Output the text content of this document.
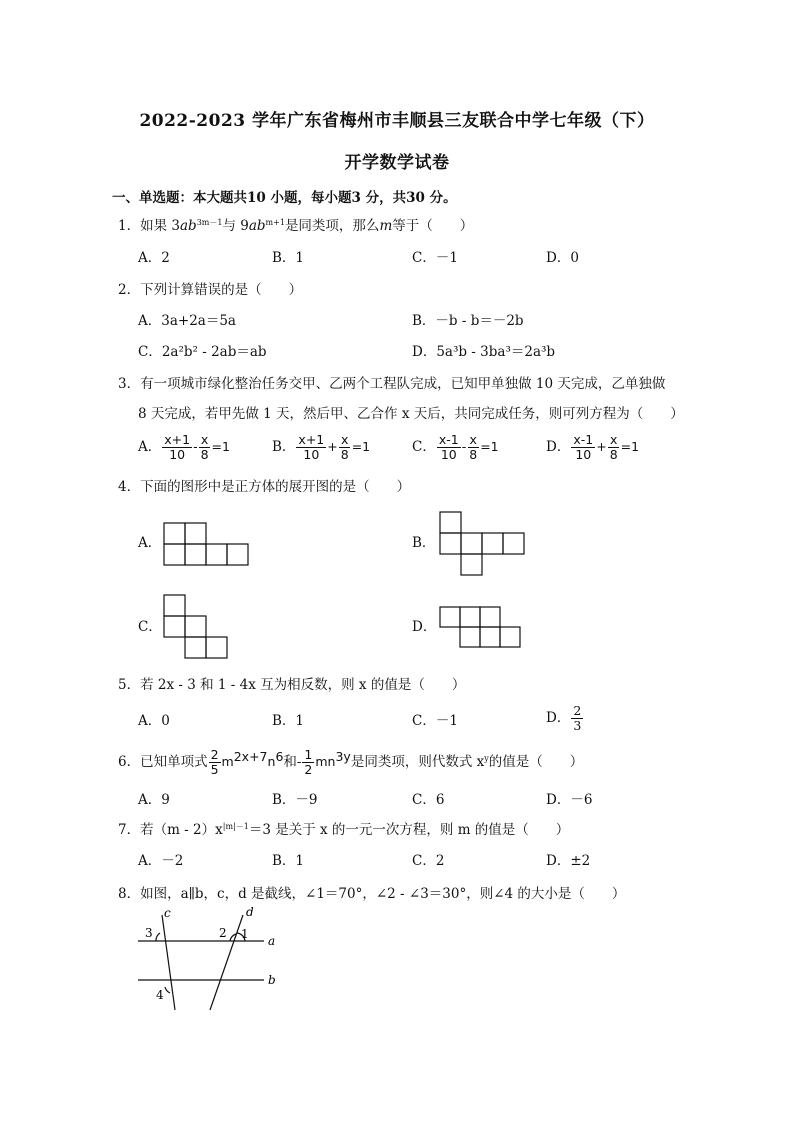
2022-2023 学年广东省梅州市丰顺县三友联合中学七年级（下）
开学数学试卷
一、单选题：本大题共10 小题，每小题3 分，共30 分。
1．如果 $3ab^{3m-1}$与 $9ab^{m+1}$是同类项，那么m等于（　　）
A．2	B．1	C．－1	D．0
2．下列计算错误的是（　　）
A．3a+2a＝5a	B．－b - b＝－2b
C．2a²b² - 2ab＝ab	D．5a³b - 3ba³＝2a³b
3．有一项城市绿化整治任务交甲、乙两个工程队完成，已知甲单独做 10 天完成，乙单独做
8 天完成，若甲先做 1 天，然后甲、乙合作 x 天后，共同完成任务，则可列方程为（　　）
A． $\frac{x+1}{10} - \frac{x}{8} =1$	B． $\frac{x+1}{10} + \frac{x}{8} =1$	C． $\frac{x-1}{10} - \frac{x}{8} =1$	D． $\frac{x-1}{10} + \frac{x}{8} =1$
4．下面的图形中是正方体的展开图的是（　　）
A．	B．
C．	D．
5．若 2x - 3 和 1 - 4x 互为相反数，则 x 的值是（　　）
A．0	B．1	C．－1	D． $\frac{2}{3}$
6．已知单项式 $\frac{2}{5} m^{2x+7}n^6$和- $\frac{1}{2} mn^{3y}$是同类项，则代数式 $x^y$的值是（　　）
A．9	B．－9	C．6	D．－6
7．若$(m - 2)x^{|m|-1}=3$ 是关于 x 的一元一次方程，则 m 的值是（　　）
A．－2	B．1	C．2	D．±2
8．如图，a∥b，c，d 是截线，∠1＝70°，∠2 - ∠3＝30°，则∠4 的大小是（　　）
c	d
a
b
1
2
3
4
